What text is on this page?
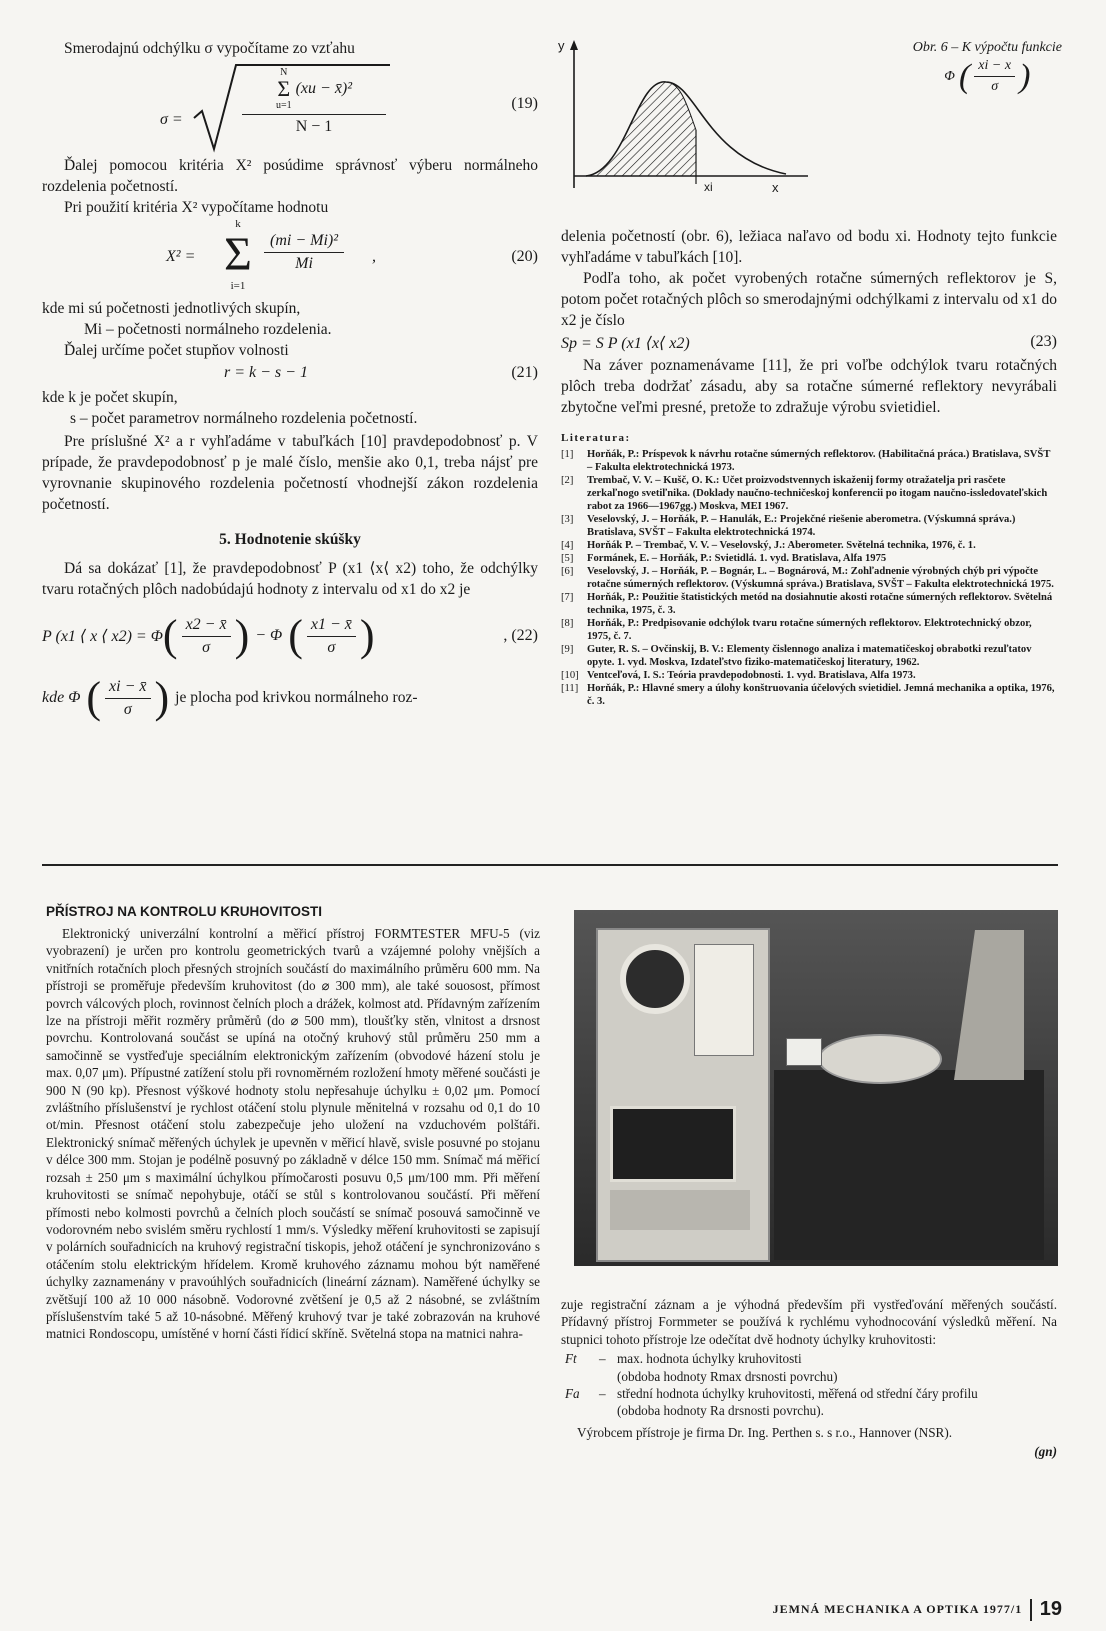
Smerodajnú odchýlku σ vypočítame zo vzťahu

σ =
N
Σ
u=1
(xu − x̄)²
N − 1
(19)

Ďalej pomocou kritéria X² posúdime správnosť výberu normálneho rozdelenia početností.

Pri použití kritéria X² vypočítame hodnotu

X² =
k
Σ
i=1
$\frac{\text{(mi − Mi)²}}{Mi}$ ,	(20)

kde mi sú početnosti jednotlivých skupín,

Mi – početnosti normálneho rozdelenia.

Ďalej určíme počet stupňov volnosti

r = k − s − 1	(21)

kde k je počet skupín,

s – počet parametrov normálneho rozdelenia početností.

Pre príslušné X² a r vyhľadáme v tabuľkách [10] pravdepodobnosť p. V prípade, že pravdepodobnosť p je malé číslo, menšie ako 0,1, treba nájsť pre vyrovnanie skupinového rozdelenia početností vhodnejší zákon rozdelenia početností.

5. Hodnotenie skúšky

Dá sa dokázať [1], že pravdepodobnosť P (x1 ⟨x⟨ x2) toho, že odchýlky tvaru rotačných plôch nadobúdajú hodnoty z intervalu od x1 do x2 je

P (x1 ⟨ x ⟨ x2) = Φ ( $\frac{x2 - x̄}{\sigma}$ ) − Φ ( $\frac{x1 - x̄}{\sigma}$ )	, (22)
kde Φ ( $\frac{xi - x̄}{\sigma}$ ) je plocha pod krivkou normálneho roz-
y
xi	x
Obr. 6 – K výpočtu funkcie
Φ ( $\frac{xi - x}{\sigma}$ )

delenia početností (obr. 6), ležiaca naľavo od bodu xi. Hodnoty tejto funkcie vyhľadáme v tabuľkách [10].

Podľa toho, ak počet vyrobených rotačne súmerných reflektorov je S, potom počet rotačných plôch so smerodajnými odchýlkami z intervalu od x1 do x2 je číslo

Sp = S P (x1 ⟨x⟨ x2)	(23)

Na záver poznamenávame [11], že pri voľbe odchýlok tvaru rotačných plôch treba dodržať zásadu, aby sa rotačne súmerné reflektory nevyrábali zbytočne veľmi presné, pretože to zdražuje výrobu svietidiel.

Literatura:

[1]	Horňák, P.: Príspevok k návrhu rotačne súmerných reflektorov. (Habilitačná práca.) Bratislava, SVŠT – Fakulta elektrotechnická 1973.
[2]	Trembač, V. V. – Kušč, O. K.: Učet proizvodstvennych iskaženij formy otražatelja pri rasčete zerkaľnogo svetiľnika. (Doklady naučno-techničeskoj konferencii po itogam naučno-issledovateľskich rabot za 1966—1967gg.) Moskva, MEI 1967.
[3]	Veselovský, J. – Horňák, P. – Hanulák, E.: Projekčné riešenie aberometra. (Výskumná správa.) Bratislava, SVŠT – Fakulta elektrotechnická 1974.
[4]	Horňák P. – Trembač, V. V. – Veselovský, J.: Aberometer. Světelná technika, 1976, č. 1.
[5]	Formánek, E. – Horňák, P.: Svietidlá. 1. vyd. Bratislava, Alfa 1975
[6]	Veselovský, J. – Horňák, P. – Bognár, L. – Bognárová, M.: Zohľadnenie výrobných chýb pri výpočte rotačne súmerných reflektorov. (Výskumná správa.) Bratislava, SVŠT – Fakulta elektrotechnická 1975.
[7]	Horňák, P.: Použitie štatistických metód na dosiahnutie akosti rotačne súmerných reflektorov. Světelná technika, 1975, č. 3.
[8]	Horňák, P.: Predpisovanie odchýlok tvaru rotačne súmerných reflektorov. Elektrotechnický obzor, 1975, č. 7.
[9]	Guter, R. S. – Ovčinskij, B. V.: Elementy čislennogo analiza i matematičeskoj obrabotki rezuľtatov opyte. 1. vyd. Moskva, Izdateľstvo fiziko-matematičeskoj literatury, 1962.
[10] Ventceľová, I. S.: Teória pravdepodobnosti. 1. vyd. Bratislava, Alfa 1973.
[11] Horňák, P.: Hlavné smery a úlohy konštruovania účelových svietidiel. Jemná mechanika a optika, 1976, č. 3.

PŘÍSTROJ NA KONTROLU KRUHOVITOSTI

Elektronický univerzální kontrolní a měřicí přístroj FORMTESTER MFU-5 (viz vyobrazení) je určen pro kontrolu geometrických tvarů a vzájemné polohy vnějších a vnitřních rotačních ploch přesných strojních součástí do maximálního průměru 600 mm. Na přístroji se proměřuje především kruhovitost (do ⌀ 300 mm), ale také souosost, přímost povrch válcových ploch, rovinnost čelních ploch a drážek, kolmost atd. Přídavným zařízením lze na přístroji měřit rozměry průměrů (do ⌀ 500 mm), tloušťky stěn, vlnitost a drsnost povrchu. Kontrolovaná součást se upíná na otočný kruhový stůl průměru 250 mm a samočinně se vystřeďuje speciálním elektronickým zařízením (obvodové házení stolu je max. 0,07 μm). Přípustné zatížení stolu při rovnoměrném rozložení hmoty měřené součásti je 900 N (90 kp). Přesnost výškové hodnoty stolu nepřesahuje úchylku ± 0,02 μm. Pomocí zvláštního příslušenství je rychlost otáčení stolu plynule měnitelná v rozsahu od 0,1 do 10 ot/min. Přesnost otáčení stolu zabezpečuje jeho uložení na vzduchovém polštáři. Elektronický snímač měřených úchylek je upevněn v měřicí hlavě, svisle posuvné po stojanu v délce 300 mm. Stojan je podélně posuvný po základně v délce 150 mm. Snímač má měřicí rozsah ± 250 μm s maximální úchylkou přímočarosti posuvu 0,5 μm/100 mm. Při měření kruhovitosti se snímač nepohybuje, otáčí se stůl s kontrolovanou součástí. Při měření přímosti nebo kolmosti povrchů a čelních ploch součástí se snímač posouvá samočinně ve vodorovném nebo svislém směru rychlostí 1 mm/s. Výsledky měření kruhovitosti se zapisují v polárních souřadnicích na kruhový registrační tiskopis, jehož otáčení je synchronizováno s otáčením stolu elektrickým hřídelem. Kromě kruhového záznamu mohou být naměřené úchylky zaznamenány v pravoúhlých souřadnicích (lineární záznam). Naměřené úchylky se zvětšují 100 až 10 000 násobně. Vodorovné zvětšení je 0,5 až 2 násobné, se zvláštním příslušenstvím také 5 až 10-násobné. Měřený kruhový tvar je také zobrazován na kruhové matnici Rondoscopu, umístěné v horní části řídicí skříně. Světelná stopa na matnici nahra-

zuje registrační záznam a je výhodná především při vystřeďování měřených součástí. Přídavný přístroj Formmeter se používá k rychlému vyhodnocování výsledků měření. Na stupnici tohoto přístroje lze odečítat dvě hodnoty úchylky kruhovitosti:

Ft	– max. hodnota úchylky kruhovitosti
(obdoba hodnoty Rmax drsnosti povrchu)
Fa	– střední hodnota úchylky kruhovitosti, měřená od střední čáry profilu
(obdoba hodnoty Ra drsnosti povrchu).

Výrobcem přístroje je firma Dr. Ing. Perthen s. s r.o., Hannover (NSR).

(gn)

JEMNÁ MECHANIKA A OPTIKA 1977/1 19
